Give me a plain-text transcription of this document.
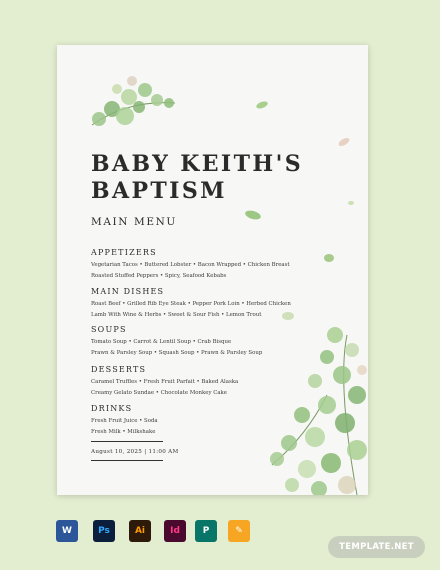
BABY KEITH'S
BAPTISM
MAIN MENU
APPETIZERS
Vegetarian Tacos • Buttered Lobster • Bacon Wrapped • Chicken Breast
Roasted Stuffed Peppers • Spicy, Seafood Kebabs
MAIN DISHES
Roast Beef • Grilled Rib Eye Steak • Pepper Pork Loin • Herbed Chicken
Lamb With Wine & Herbs • Sweet & Sour Fish • Lemon Trout
SOUPS
Tomato Soup • Carrot & Lentil Soup • Crab Bisque
Prawn & Parsley Soup • Squash Soup • Prawn & Parsley Soup
DESSERTS
Caramel Truffles • Fresh Fruit Parfait • Baked Alaska
Creamy Gelato Sundae • Chocolate Monkey Cake
DRINKS
Fresh Fruit Juice • Soda
Fresh Milk • Milkshake
August 10, 2025 | 11:00 AM
W	Ps	Ai	Id	P	✎
TEMPLATE.NET
